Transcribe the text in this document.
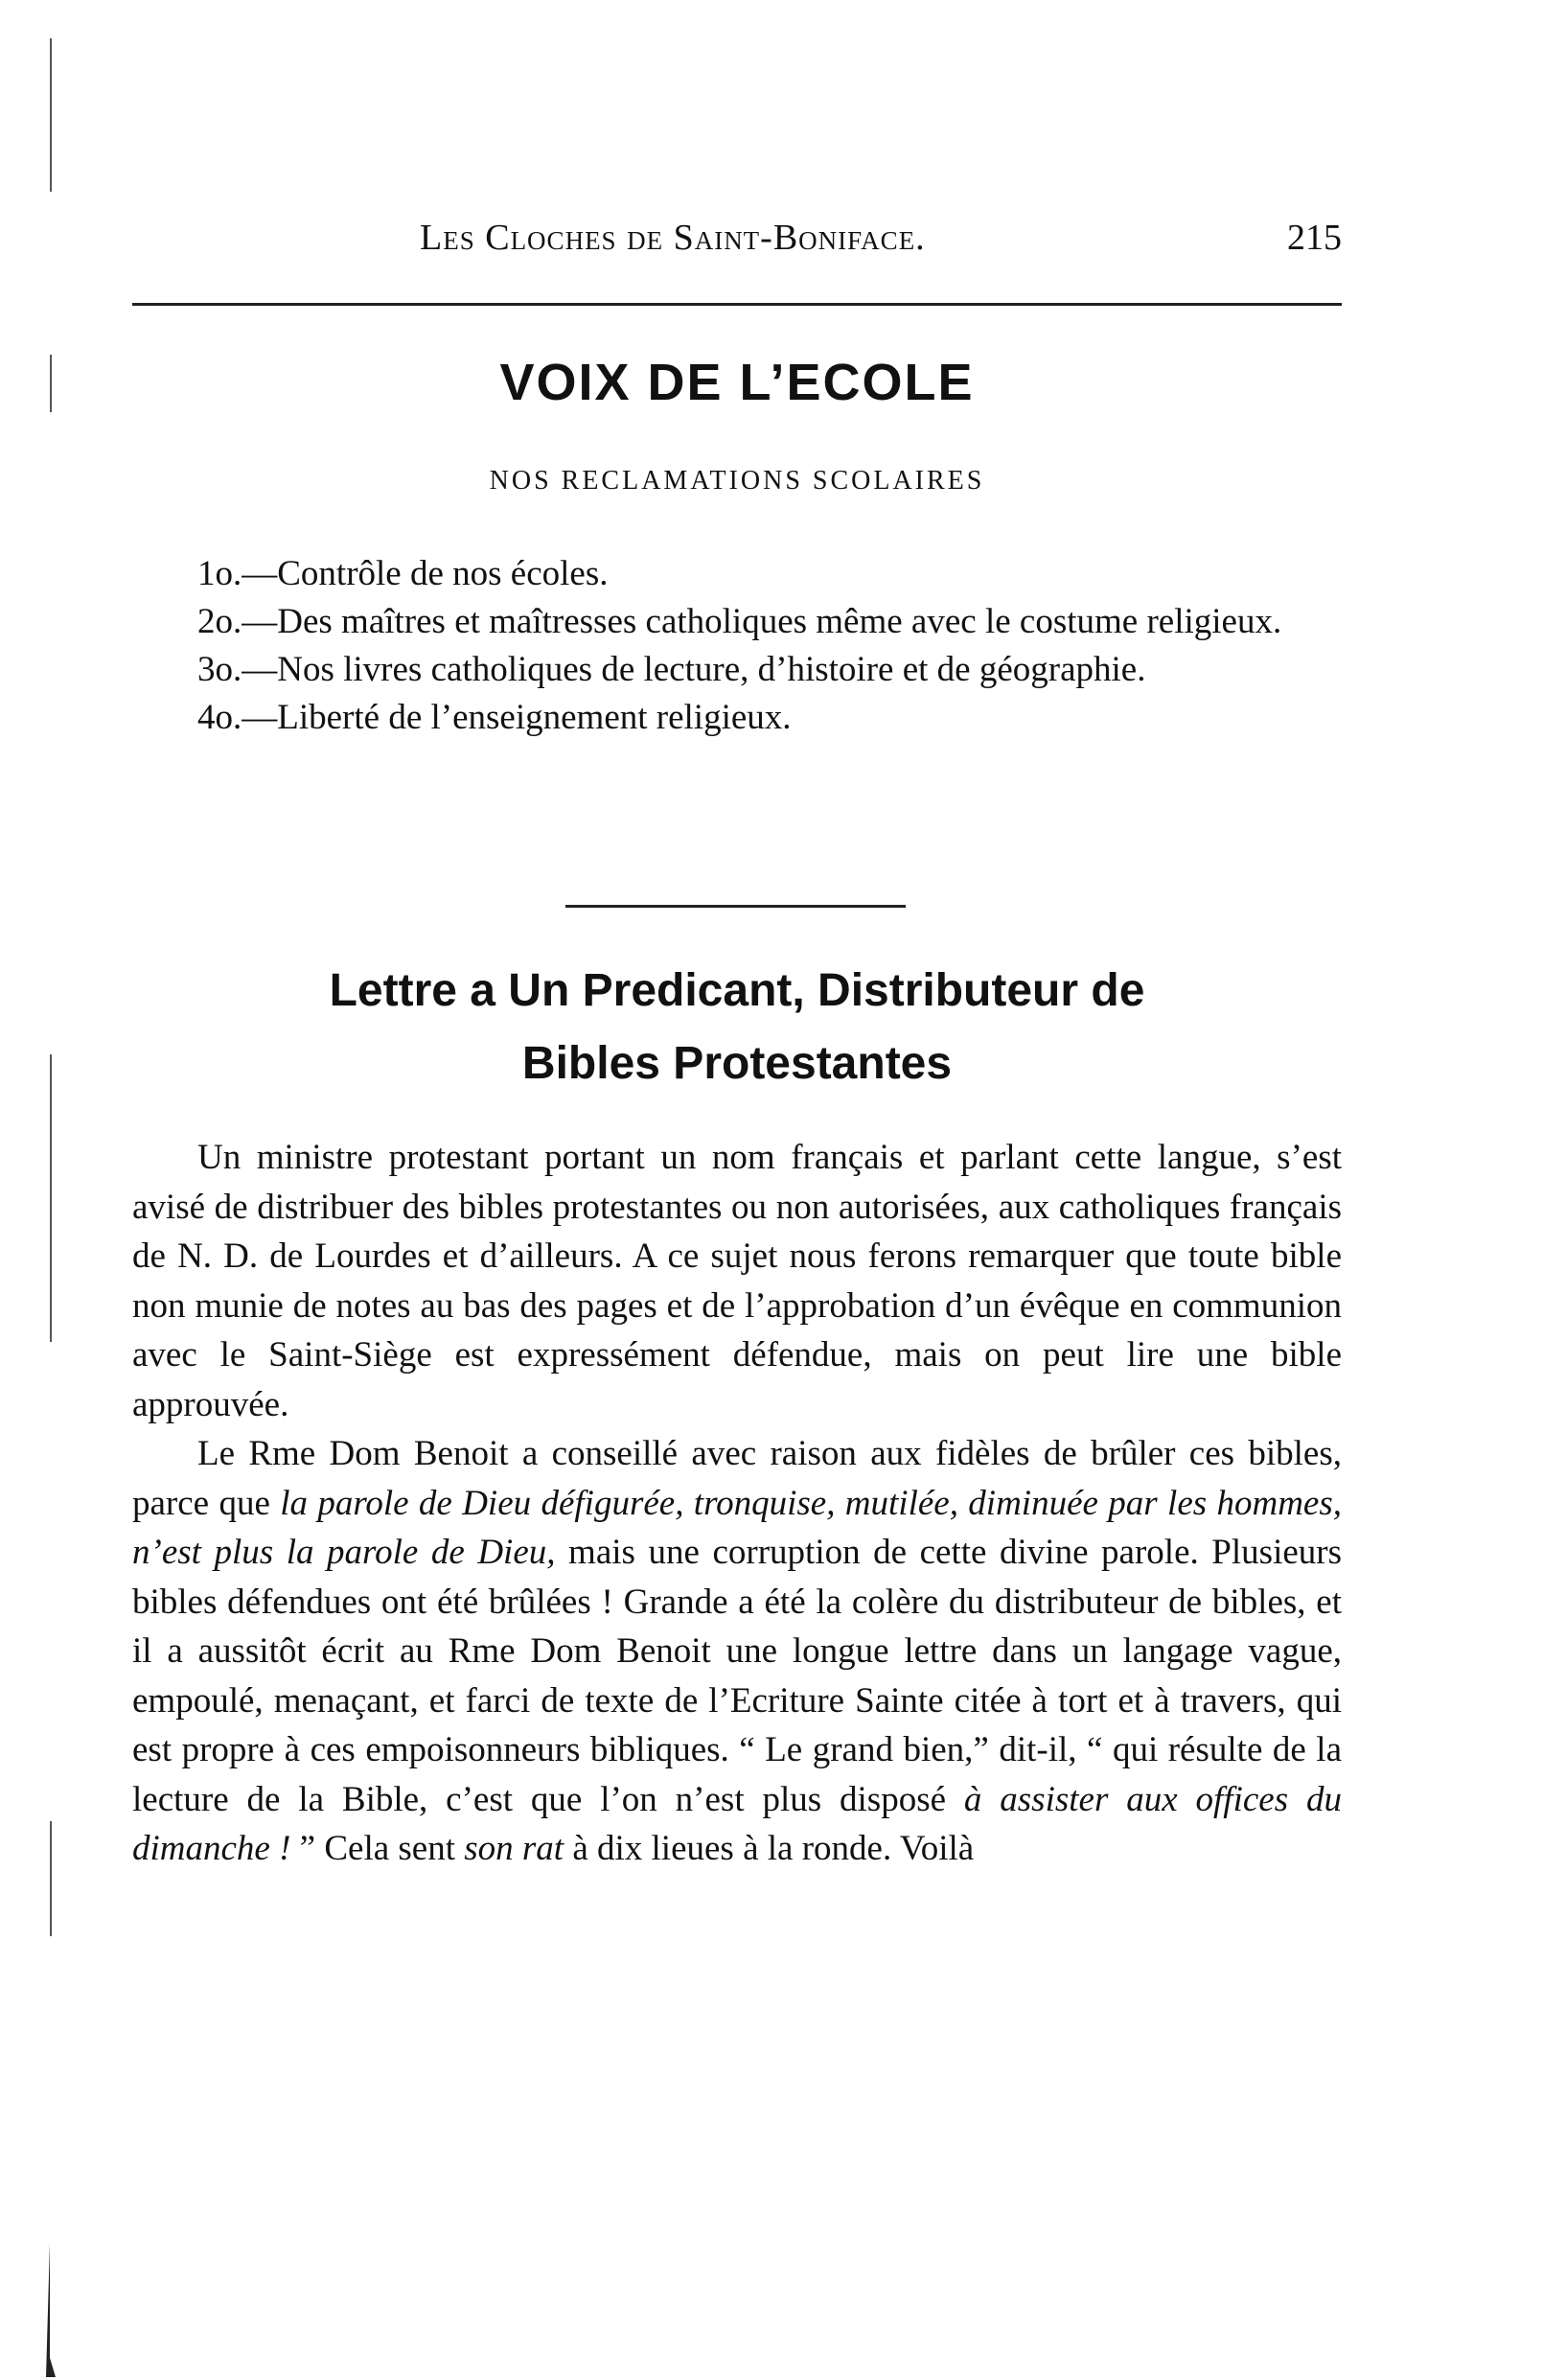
Les Cloches de Saint-Boniface.	215
VOIX DE L’ECOLE
NOS RECLAMATIONS SCOLAIRES

1o.—Contrôle de nos écoles.

2o.—Des maîtres et maîtresses catholiques même avec le costume religieux.

3o.—Nos livres catholiques de lecture, d’histoire et de géographie.

4o.—Liberté de l’enseignement religieux.

Lettre a Un Predicant, Distributeur de
Bibles Protestantes

Un ministre protestant portant un nom français et parlant cette langue, s’est avisé de distribuer des bibles protestantes ou non autorisées, aux catholiques français de N. D. de Lourdes et d’ailleurs. A ce sujet nous ferons remarquer que toute bible non munie de notes au bas des pages et de l’approbation d’un évêque en communion avec le Saint-Siège est expressément défendue, mais on peut lire une bible approuvée.

Le Rme Dom Benoit a conseillé avec raison aux fidèles de brûler ces bibles, parce que la parole de Dieu défigurée, tronquise, mutilée, diminuée par les hommes, n’est plus la parole de Dieu, mais une corruption de cette divine parole. Plusieurs bibles défendues ont été brûlées ! Grande a été la colère du distributeur de bibles, et il a aussitôt écrit au Rme Dom Benoit une longue lettre dans un langage vague, empoulé, menaçant, et farci de texte de l’Ecriture Sainte citée à tort et à travers, qui est propre à ces empoisonneurs bibliques. “ Le grand bien,” dit-il, “ qui résulte de la lecture de la Bible, c’est que l’on n’est plus disposé à assister aux offices du dimanche ! ” Cela sent son rat à dix lieues à la ronde. Voilà
